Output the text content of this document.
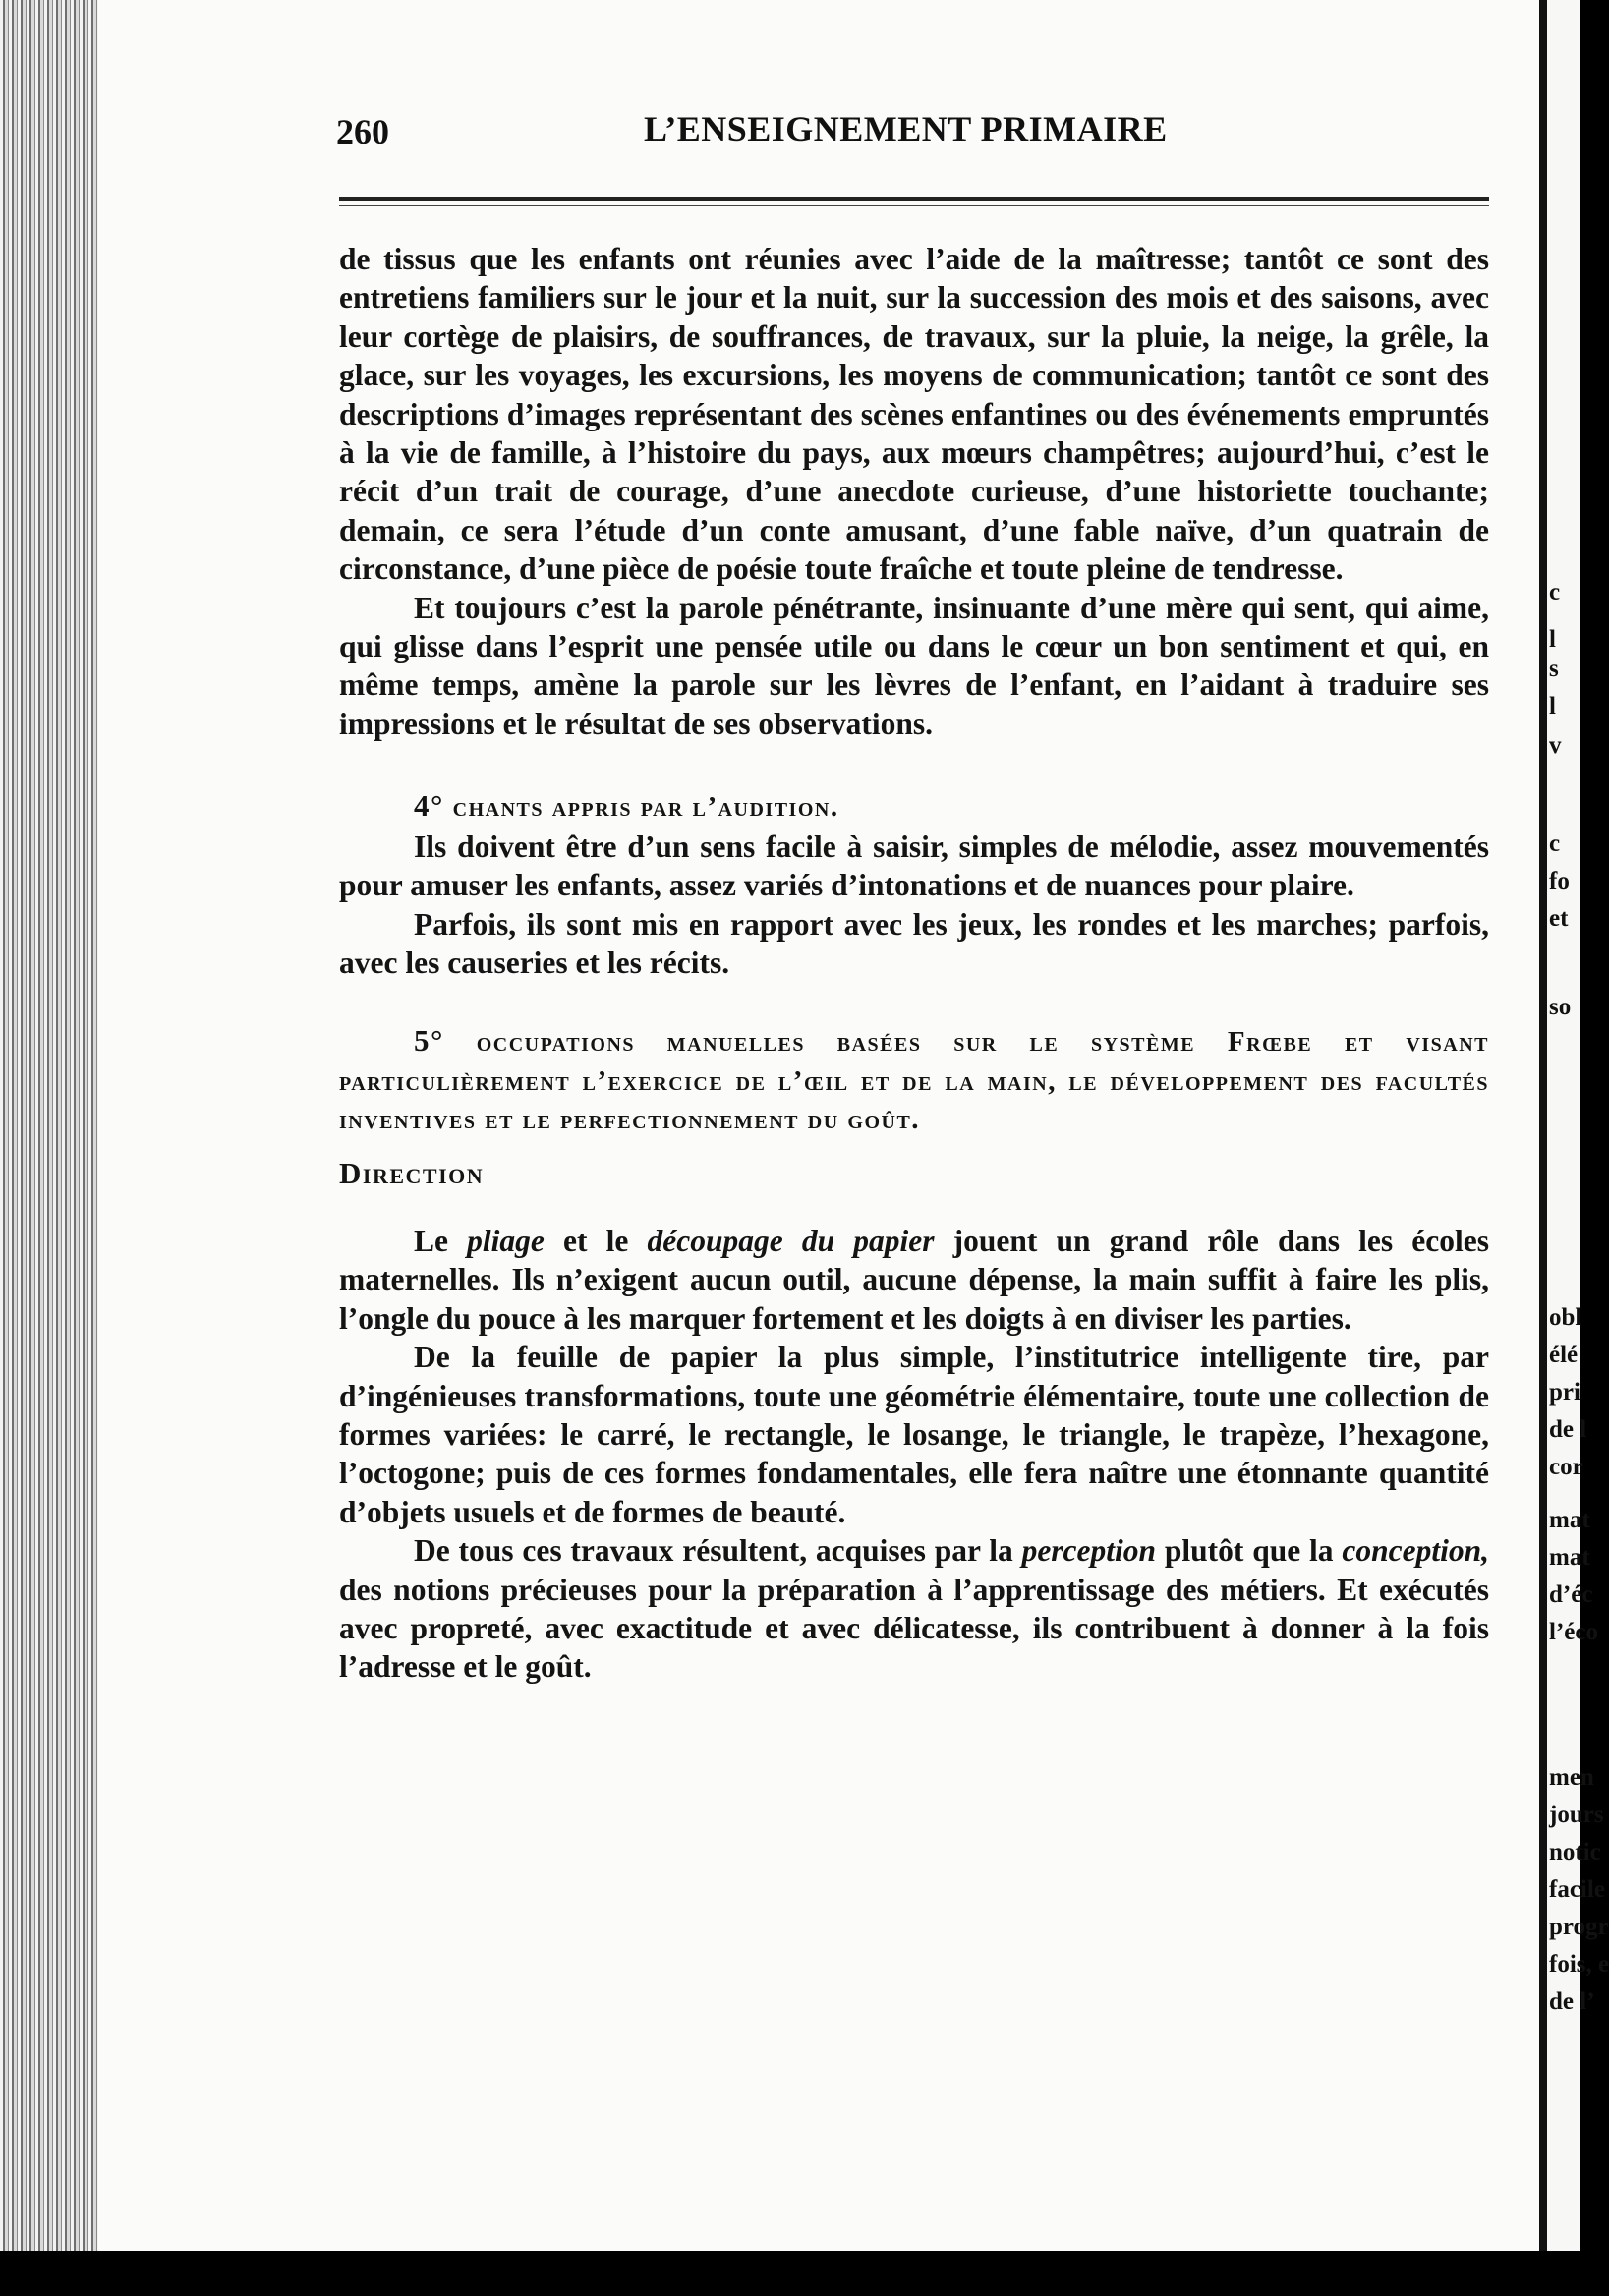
260	L’ENSEIGNEMENT PRIMAIRE

de tissus que les enfants ont réunies avec l’aide de la maîtresse; tantôt ce sont des entretiens familiers sur le jour et la nuit, sur la succession des mois et des saisons, avec leur cortège de plaisirs, de souffrances, de travaux, sur la pluie, la neige, la grêle, la glace, sur les voyages, les excursions, les moyens de communication; tantôt ce sont des descriptions d’images représentant des scènes enfantines ou des événements empruntés à la vie de famille, à l’histoire du pays, aux mœurs champêtres; aujourd’hui, c’est le récit d’un trait de courage, d’une anecdote curieuse, d’une historiette touchante; demain, ce sera l’étude d’un conte amusant, d’une fable naïve, d’un quatrain de circonstance, d’une pièce de poésie toute fraîche et toute pleine de tendresse.

Et toujours c’est la parole pénétrante, insinuante d’une mère qui sent, qui aime, qui glisse dans l’esprit une pensée utile ou dans le cœur un bon sentiment et qui, en même temps, amène la parole sur les lèvres de l’enfant, en l’aidant à traduire ses impressions et le résultat de ses observations.

4° chants appris par l’audition.

Ils doivent être d’un sens facile à saisir, simples de mélodie, assez mouvementés pour amuser les enfants, assez variés d’intonations et de nuances pour plaire.

Parfois, ils sont mis en rapport avec les jeux, les rondes et les marches; parfois, avec les causeries et les récits.

5° occupations manuelles basées sur le système Frœbe et visant particulièrement l’exercice de l’œil et de la main, le développement des facultés inventives et le perfectionnement du goût.

Direction

Le pliage et le découpage du papier jouent un grand rôle dans les écoles maternelles. Ils n’exigent aucun outil, aucune dépense, la main suffit à faire les plis, l’ongle du pouce à les marquer fortement et les doigts à en diviser les parties.

De la feuille de papier la plus simple, l’institutrice intelligente tire, par d’ingénieuses transformations, toute une géométrie élémentaire, toute une collection de formes variées: le carré, le rectangle, le losange, le triangle, le trapèze, l’hexagone, l’octogone; puis de ces formes fondamentales, elle fera naître une étonnante quantité d’objets usuels et de formes de beauté.

De tous ces travaux résultent, acquises par la perception plutôt que la conception, des notions précieuses pour la préparation à l’apprentissage des métiers. Et exécutés avec propreté, avec exactitude et avec délicatesse, ils contribuent à donner à la fois l’adresse et le goût.

c
l
s
l
v
c
fo
et
so
obl
élé
pri
de l
cor
mat
mat
d’éc
l’éco
men
jours
notic
facile
progr
fois, e
de l’
